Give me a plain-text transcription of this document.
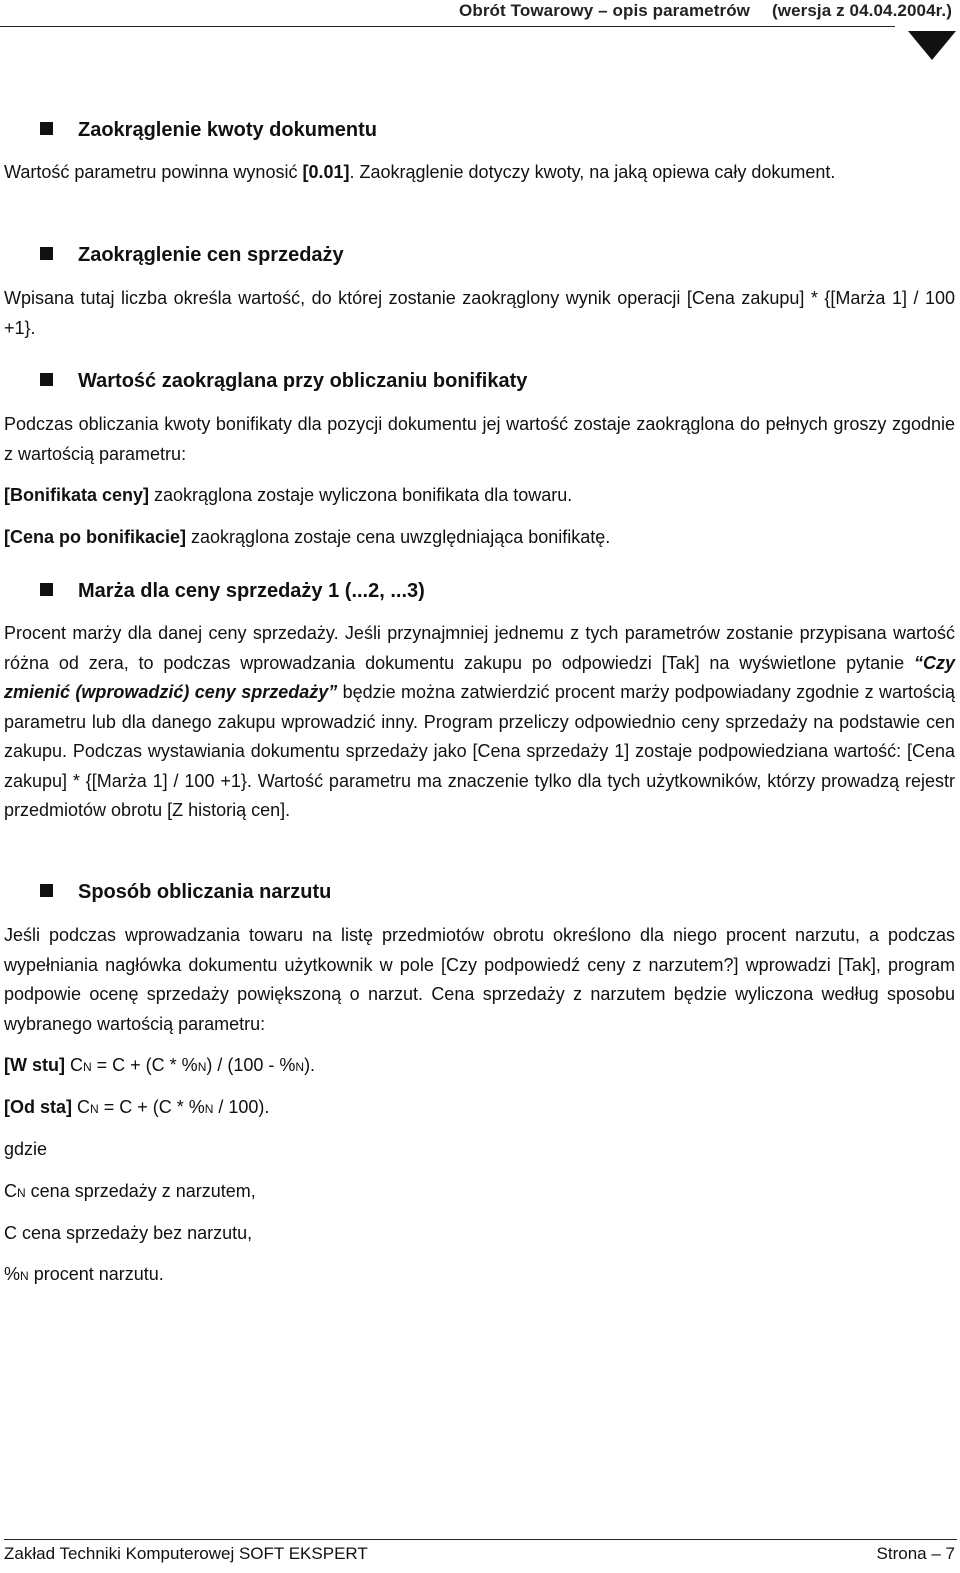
Obrót Towarowy – opis parametrów (wersja z 04.04.2004r.)
Zaokrąglenie kwoty dokumentu
Wartość parametru powinna wynosić [0.01]. Zaokrąglenie dotyczy kwoty, na jaką opiewa cały dokument.
Zaokrąglenie cen sprzedaży
Wpisana tutaj liczba określa wartość, do której zostanie zaokrąglony wynik operacji [Cena zakupu] * {[Marża 1] / 100 +1}.
Wartość zaokrąglana przy obliczaniu bonifikaty
Podczas obliczania kwoty bonifikaty dla pozycji dokumentu jej wartość zostaje zaokrąglona do pełnych groszy zgodnie z wartością parametru:
[Bonifikata ceny] zaokrąglona zostaje wyliczona bonifikata dla towaru.
[Cena po bonifikacie] zaokrąglona zostaje cena uwzględniająca bonifikatę.
Marża dla ceny sprzedaży 1 (...2, ...3)
Procent marży dla danej ceny sprzedaży. Jeśli przynajmniej jednemu z tych parametrów zostanie przypisana wartość różna od zera, to podczas wprowadzania dokumentu zakupu po odpowiedzi [Tak] na wyświetlone pytanie “Czy zmienić (wprowadzić) ceny sprzedaży” będzie można zatwierdzić procent marży podpowiadany zgodnie z wartością parametru lub dla danego zakupu wprowadzić inny. Program przeliczy odpowiednio ceny sprzedaży na podstawie cen zakupu. Podczas wystawiania dokumentu sprzedaży jako [Cena sprzedaży 1] zostaje podpowiedziana wartość: [Cena zakupu] * {[Marża 1] / 100 +1}. Wartość parametru ma znaczenie tylko dla tych użytkowników, którzy prowadzą rejestr przedmiotów obrotu [Z historią cen].
Sposób obliczania narzutu
Jeśli podczas wprowadzania towaru na listę przedmiotów obrotu określono dla niego procent narzutu, a podczas wypełniania nagłówka dokumentu użytkownik w pole [Czy podpowiedź ceny z narzutem?] wprowadzi [Tak], program podpowie ocenę sprzedaży powiększoną o narzut. Cena sprzedaży z narzutem będzie wyliczona według sposobu wybranego wartością parametru:
[W stu] CN = C + (C * %N) / (100 - %N).
[Od sta] CN = C + (C * %N / 100).
gdzie
CN cena sprzedaży z narzutem,
C cena sprzedaży bez narzutu,
%N procent narzutu.
Zakład Techniki Komputerowej SOFT EKSPERT	Strona – 7
